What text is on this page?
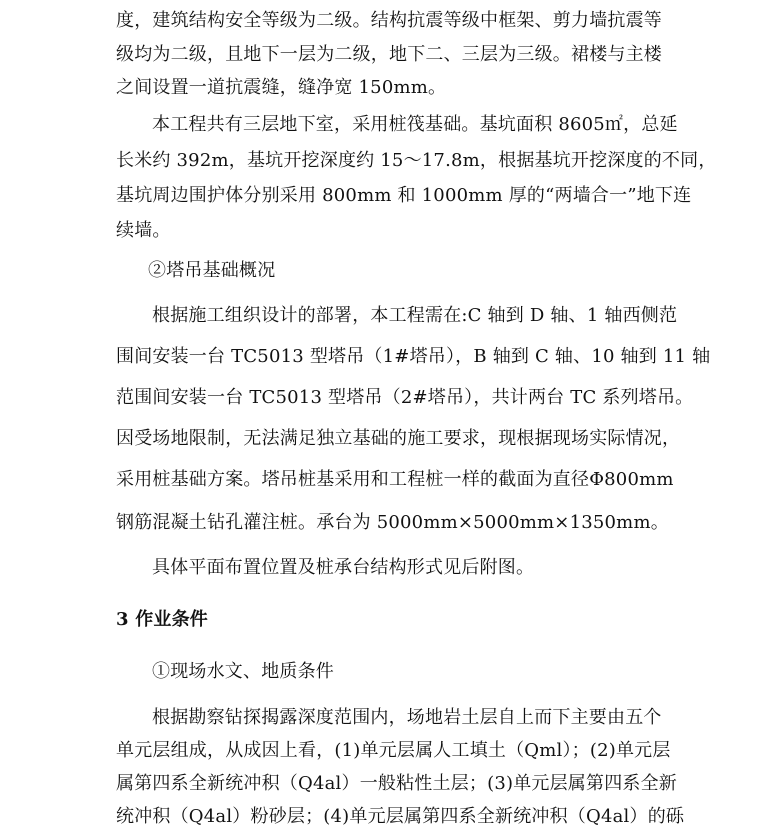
度，建筑结构安全等级为二级。结构抗震等级中框架、剪力墙抗震等
级均为二级，且地下一层为二级，地下二、三层为三级。裙楼与主楼
之间设置一道抗震缝，缝净宽 150mm。
本工程共有三层地下室，采用桩筏基础。基坑面积 8605㎡，总延
长米约 392m，基坑开挖深度约 15～17.8m，根据基坑开挖深度的不同，
基坑周边围护体分别采用 800mm 和 1000mm 厚的“两墙合一”地下连
续墙。
②塔吊基础概况
根据施工组织设计的部署，本工程需在:C 轴到 D 轴、1 轴西侧范
围间安装一台 TC5013 型塔吊（1#塔吊），B 轴到 C 轴、10 轴到 11 轴
范围间安装一台 TC5013 型塔吊（2#塔吊），共计两台 TC 系列塔吊。
因受场地限制，无法满足独立基础的施工要求，现根据现场实际情况，
采用桩基础方案。塔吊桩基采用和工程桩一样的截面为直径Φ800mm
钢筋混凝土钻孔灌注桩。承台为 5000mm×5000mm×1350mm。
具体平面布置位置及桩承台结构形式见后附图。
3 作业条件
①现场水文、地质条件
根据勘察钻探揭露深度范围内，场地岩土层自上而下主要由五个
单元层组成，从成因上看，(1)单元层属人工填土（Qml）；(2)单元层
属第四系全新统冲积（Q4al）一般粘性土层；(3)单元层属第四系全新
统冲积（Q4al）粉砂层；(4)单元层属第四系全新统冲积（Q4al）的砾
